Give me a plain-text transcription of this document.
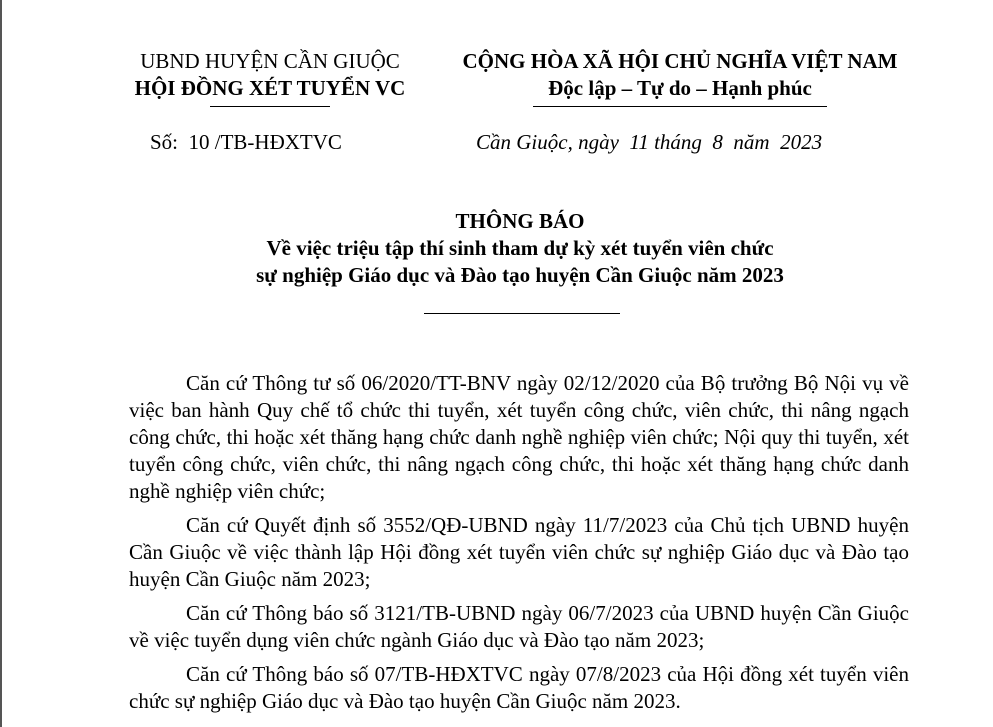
UBND HUYỆN CẦN GIUỘC
HỘI ĐỒNG XÉT TUYỂN VC
CỘNG HÒA XÃ HỘI CHỦ NGHĨA VIỆT NAM
Độc lập – Tự do – Hạnh phúc
Số:  10 /TB-HĐXTVC	Cần Giuộc, ngày  11 tháng  8  năm  2023
THÔNG BÁO
Về việc triệu tập thí sinh tham dự kỳ xét tuyển viên chức
sự nghiệp Giáo dục và Đào tạo huyện Cần Giuộc năm 2023

Căn cứ Thông tư số 06/2020/TT-BNV ngày 02/12/2020 của Bộ trưởng Bộ Nội vụ về việc ban hành Quy chế tổ chức thi tuyển, xét tuyển công chức, viên chức, thi nâng ngạch công chức, thi hoặc xét thăng hạng chức danh nghề nghiệp viên chức; Nội quy thi tuyển, xét tuyển công chức, viên chức, thi nâng ngạch công chức, thi hoặc xét thăng hạng chức danh nghề nghiệp viên chức;

Căn cứ Quyết định số 3552/QĐ-UBND ngày 11/7/2023 của Chủ tịch UBND huyện Cần Giuộc về việc thành lập Hội đồng xét tuyển viên chức sự nghiệp Giáo dục và Đào tạo huyện Cần Giuộc năm 2023;

Căn cứ Thông báo số 3121/TB-UBND ngày 06/7/2023 của UBND huyện Cần Giuộc về việc tuyển dụng viên chức ngành Giáo dục và Đào tạo năm 2023;

Căn cứ Thông báo số 07/TB-HĐXTVC ngày 07/8/2023 của Hội đồng xét tuyển viên chức sự nghiệp Giáo dục và Đào tạo huyện Cần Giuộc năm 2023.
